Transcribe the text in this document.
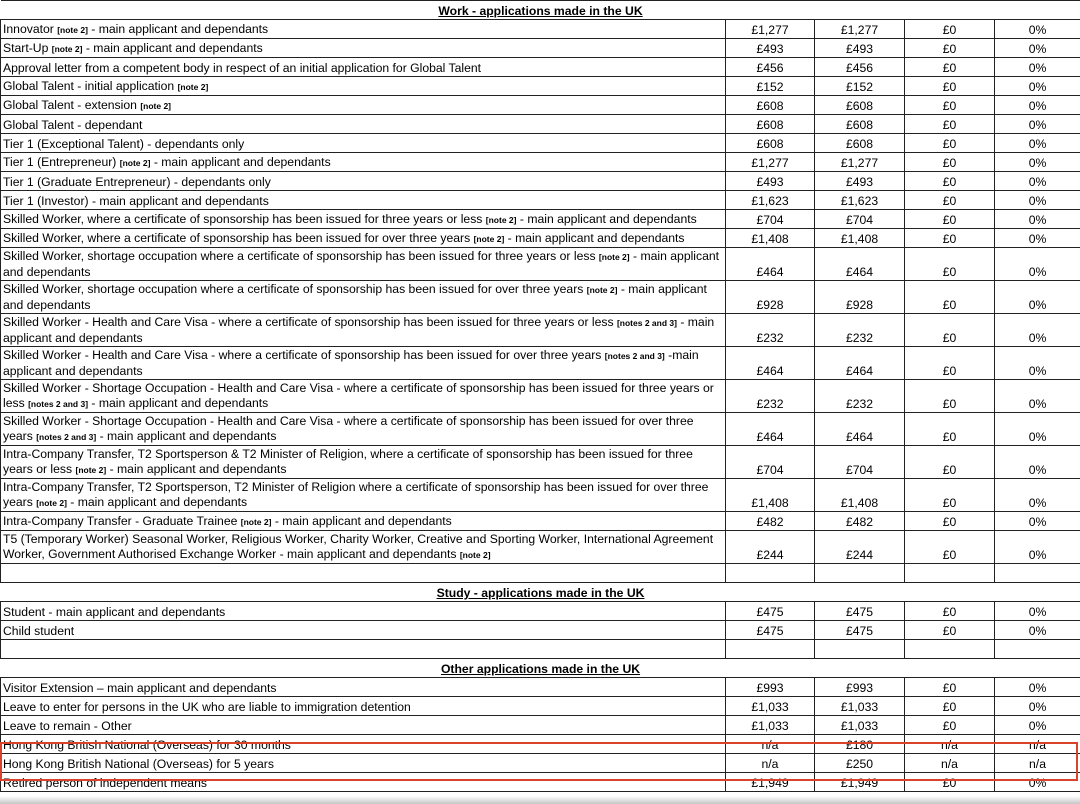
Work - applications made in the UK				
Innovator [note 2] - main applicant and dependants	£1,277	£1,277	£0	0%
Start-Up [note 2] - main applicant and dependants	£493	£493	£0	0%
Approval letter from a competent body in respect of an initial application for Global Talent	£456	£456	£0	0%
Global Talent - initial application [note 2]	£152	£152	£0	0%
Global Talent - extension [note 2]	£608	£608	£0	0%
Global Talent - dependant	£608	£608	£0	0%
Tier 1 (Exceptional Talent) - dependants only	£608	£608	£0	0%
Tier 1 (Entrepreneur) [note 2] - main applicant and dependants	£1,277	£1,277	£0	0%
Tier 1 (Graduate Entrepreneur) - dependants only	£493	£493	£0	0%
Tier 1 (Investor) - main applicant and dependants	£1,623	£1,623	£0	0%
Skilled Worker, where a certificate of sponsorship has been issued for three years or less [note 2] - main applicant and dependants	£704	£704	£0	0%
Skilled Worker, where a certificate of sponsorship has been issued for over three years [note 2] - main applicant and dependants	£1,408	£1,408	£0	0%
Skilled Worker, shortage occupation where a certificate of sponsorship has been issued for three years or less [note 2] - main applicant and dependants	£464	£464	£0	0%
Skilled Worker, shortage occupation where a certificate of sponsorship has been issued for over three years [note 2] - main applicant and dependants	£928	£928	£0	0%
Skilled Worker - Health and Care Visa - where a certificate of sponsorship has been issued for three years or less [notes 2 and 3] - main applicant and dependants	£232	£232	£0	0%
Skilled Worker - Health and Care Visa - where a certificate of sponsorship has been issued for over three years [notes 2 and 3] -main applicant and dependants	£464	£464	£0	0%
Skilled Worker - Shortage Occupation - Health and Care Visa - where a certificate of sponsorship has been issued for three years or less [notes 2 and 3] - main applicant and dependants	£232	£232	£0	0%
Skilled Worker - Shortage Occupation - Health and Care Visa - where a certificate of sponsorship has been issued for over three years [notes 2 and 3] - main applicant and dependants	£464	£464	£0	0%
Intra-Company Transfer, T2 Sportsperson & T2 Minister of Religion, where a certificate of sponsorship has been issued for three years or less [note 2] - main applicant and dependants	£704	£704	£0	0%
Intra-Company Transfer, T2 Sportsperson, T2 Minister of Religion where a certificate of sponsorship has been issued for over three years [note 2] - main applicant and dependants	£1,408	£1,408	£0	0%
Intra-Company Transfer - Graduate Trainee [note 2] - main applicant and dependants	£482	£482	£0	0%
T5 (Temporary Worker) Seasonal Worker, Religious Worker, Charity Worker, Creative and Sporting Worker, International Agreement Worker, Government Authorised Exchange Worker - main applicant and dependants [note 2]	£244	£244	£0	0%

Study - applications made in the UK				
Student - main applicant and dependants	£475	£475	£0	0%
Child student	£475	£475	£0	0%

Other applications made in the UK				
Visitor Extension – main applicant and dependants	£993	£993	£0	0%
Leave to enter for persons in the UK who are liable to immigration detention	£1,033	£1,033	£0	0%
Leave to remain - Other	£1,033	£1,033	£0	0%
Hong Kong British National (Overseas) for 30 months	n/a	£180	n/a	n/a
Hong Kong British National (Overseas) for 5 years	n/a	£250	n/a	n/a
Retired person of independent means	£1,949	£1,949	£0	0%
